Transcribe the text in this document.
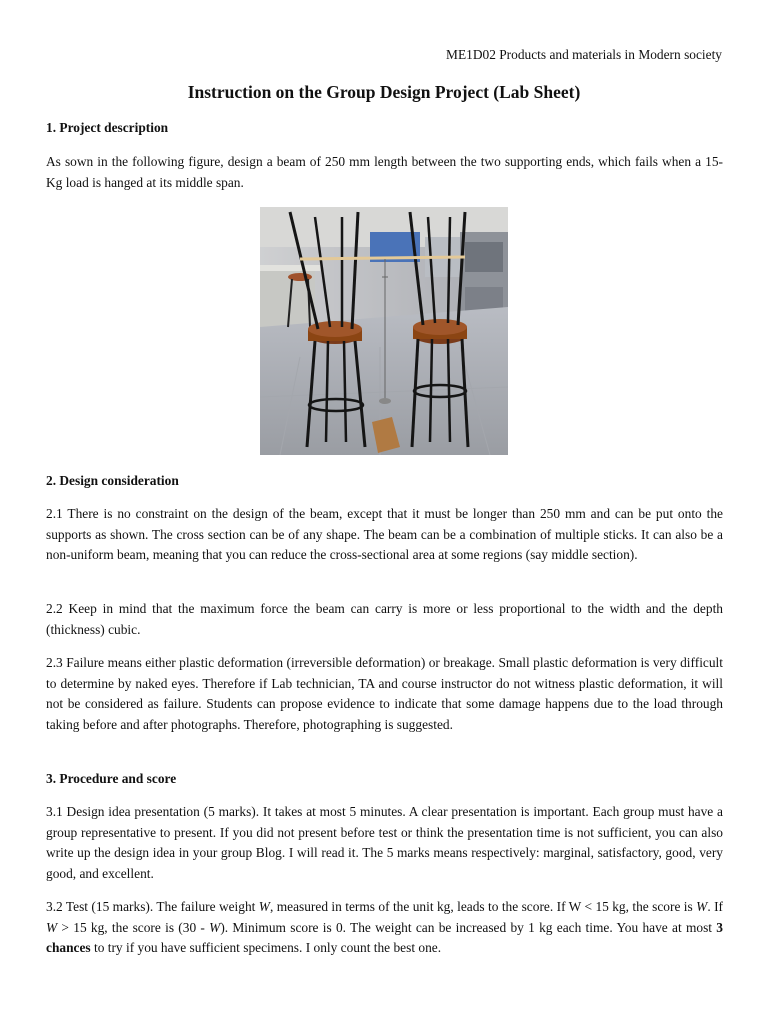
ME1D02 Products and materials in Modern society
Instruction on the Group Design Project (Lab Sheet)
1. Project description

As sown in the following figure, design a beam of 250 mm length between the two supporting ends, which fails when a 15-Kg load is hanged at its middle span.

2. Design consideration

2.1 There is no constraint on the design of the beam, except that it must be longer than 250 mm and can be put onto the supports as shown. The cross section can be of any shape. The beam can be a combination of multiple sticks. It can also be a non-uniform beam, meaning that you can reduce the cross-sectional area at some regions (say middle section).

2.2 Keep in mind that the maximum force the beam can carry is more or less proportional to the width and the depth (thickness) cubic.

2.3 Failure means either plastic deformation (irreversible deformation) or breakage. Small plastic deformation is very difficult to determine by naked eyes. Therefore if Lab technician, TA and course instructor do not witness plastic deformation, it will not be considered as failure. Students can propose evidence to indicate that some damage happens due to the load through taking before and after photographs. Therefore, photographing is suggested.

3. Procedure and score

3.1 Design idea presentation (5 marks). It takes at most 5 minutes. A clear presentation is important. Each group must have a group representative to present. If you did not present before test or think the presentation time is not sufficient, you can also write up the design idea in your group Blog. I will read it. The 5 marks means respectively: marginal, satisfactory, good, very good, and excellent.

3.2 Test (15 marks). The failure weight W, measured in terms of the unit kg, leads to the score. If W < 15 kg, the score is W. If W > 15 kg, the score is (30 - W). Minimum score is 0. The weight can be increased by 1 kg each time. You have at most 3 chances to try if you have sufficient specimens. I only count the best one.
